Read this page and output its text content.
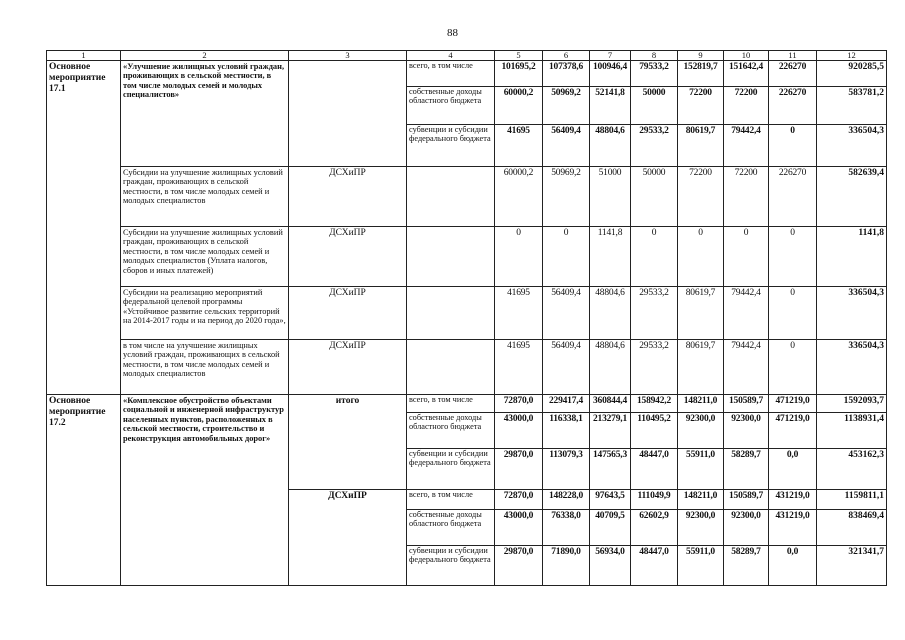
88
1	2	3	4	5	6	7	8	9	10	11	12
Основное мероприятие 17.1	«Улучшение жилищных условий граждан, проживающих в сельской местности, в том числе молодых семей и молодых специалистов»		всего, в том числе	101695,2	107378,6	100946,4	79533,2	152819,7	151642,4	226270	920285,5
			собственные доходы областного бюджета	60000,2	50969,2	52141,8	50000	72200	72200	226270	583781,2
			субвенции и субсидии федерального бюджета	41695	56409,4	48804,6	29533,2	80619,7	79442,4	0	336504,3
	Субсидии на улучшение жилищных условий граждан, проживающих в сельской местности, в том числе молодых семей и молодых специалистов	ДСХиПР		60000,2	50969,2	51000	50000	72200	72200	226270	582639,4
	Субсидии на улучшение жилищных условий граждан, проживающих в сельской местности, в том числе молодых семей и молодых специалистов (Уплата налогов, сборов и иных платежей)	ДСХиПР		0	0	1141,8	0	0	0	0	1141,8
	Субсидии на реализацию мероприятий федеральной целевой программы «Устойчивое развитие сельских территорий на 2014-2017 годы и на период до 2020 года»,	ДСХиПР		41695	56409,4	48804,6	29533,2	80619,7	79442,4	0	336504,3
	в том числе на улучшение жилищных условий граждан, проживающих в сельской местности, в том числе молодых семей и молодых специалистов	ДСХиПР		41695	56409,4	48804,6	29533,2	80619,7	79442,4	0	336504,3
Основное мероприятие 17.2	«Комплексное обустройство объектами социальной и инженерной инфраструктур населенных пунктов, расположенных в сельской местности, строительство и реконструкция автомобильных дорог»	итого	всего, в том числе	72870,0	229417,4	360844,4	158942,2	148211,0	150589,7	471219,0	1592093,7
			собственные доходы областного бюджета	43000,0	116338,1	213279,1	110495,2	92300,0	92300,0	471219,0	1138931,4
			субвенции и субсидии федерального бюджета	29870,0	113079,3	147565,3	48447,0	55911,0	58289,7	0,0	453162,3
		ДСХиПР	всего, в том числе	72870,0	148228,0	97643,5	111049,9	148211,0	150589,7	431219,0	1159811,1
			собственные доходы областного бюджета	43000,0	76338,0	40709,5	62602,9	92300,0	92300,0	431219,0	838469,4
			субвенции и субсидии федерального бюджета	29870,0	71890,0	56934,0	48447,0	55911,0	58289,7	0,0	321341,7
